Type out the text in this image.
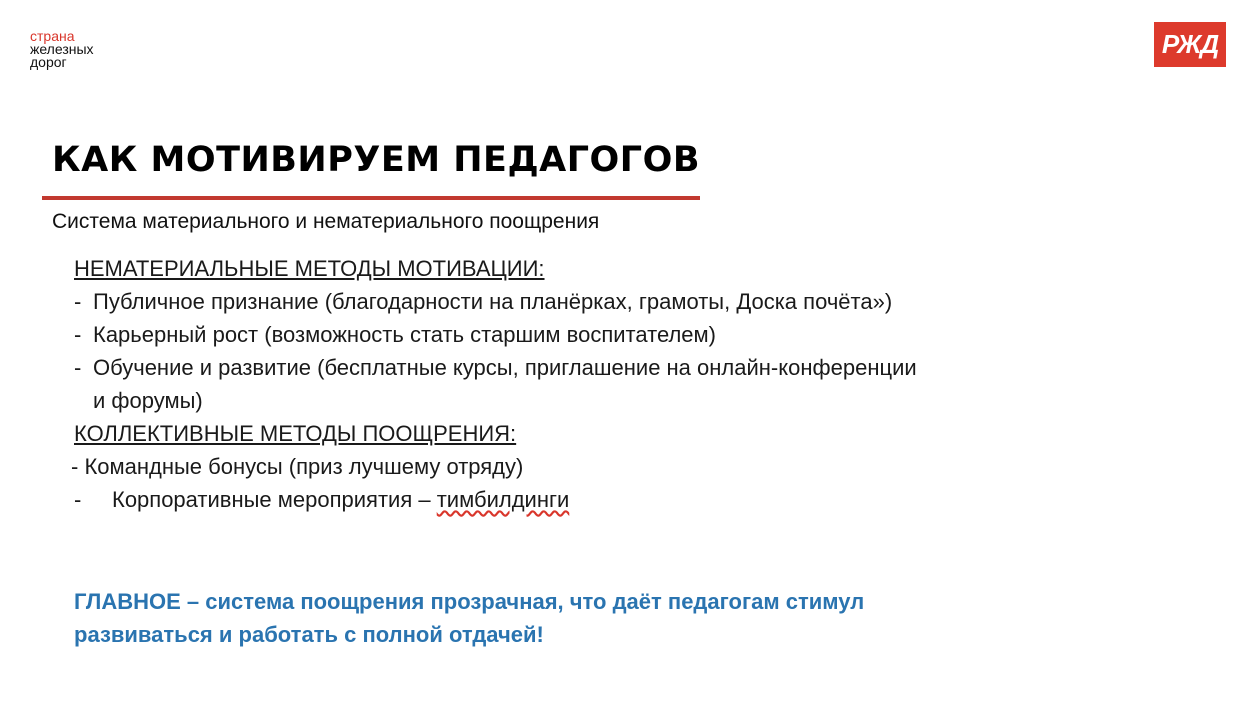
страна
железных
дорог
РЖД
КАК МОТИВИРУЕМ ПЕДАГОГОВ
Система материального и нематериального поощрения
НЕМАТЕРИАЛЬНЫЕ МЕТОДЫ МОТИВАЦИИ:
- Публичное признание (благодарности на планёрках, грамоты, Доска почёта»)
- Карьерный рост (возможность стать старшим воспитателем)
- Обучение и развитие (бесплатные курсы, приглашение на онлайн-конференции и форумы)
КОЛЛЕКТИВНЫЕ МЕТОДЫ ПООЩРЕНИЯ:
- Командные бонусы (приз лучшему отряду)
-	Корпоративные мероприятия – тимбилдинги
ГЛАВНОЕ – система поощрения прозрачная, что даёт педагогам стимул развиваться и работать с полной отдачей!
